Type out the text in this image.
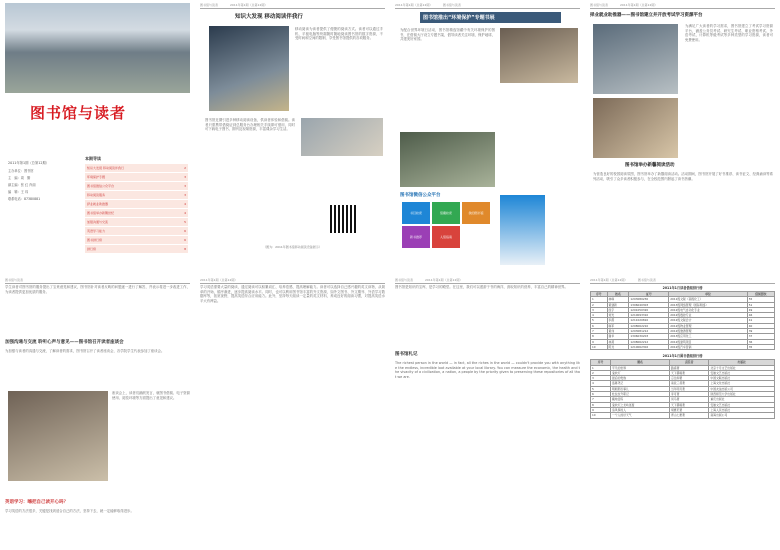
图书馆与读者
2011年第1期（总第12期）
主办单位：图书馆
主　编：周　勤
副主编：张 红 肖丽
编　辑：王 玮
联系电话：87380881
本期导读
知识大发现 移动阅读伴我行	2
环境保护专题	3
图书馆微信公众平台	3
移动阅读服务	3
择业就业助推器	4
图书馆举办新馨世纪	4
加强沟通与交流	5
英语学习能力	6
图书排行榜	6
排行榜	8
图书馆与读者　　　　2011年第1期（总第12期）
知识大发现 移动阅读伴我行
移动阅读为读者提供了便捷的阅读方式。读者可以通过手机、平板电脑等终端随时随地阅读图书馆的数字资源，不受时间和空间的限制，享受图书馆提供的各项服务。
图书馆近期引进多种移动阅读设备，供读者体验和借阅。读者只需携带借阅证到总服务台办理相关手续即可借用，同时可下载电子图书、期刊及视频资源，丰富课余学习生活。
（图为：2011年图书馆移动阅读设备展示）
2011年第1期（总第12期）　　　　图书馆与读者
图书馆推出“环境保护”专题书展
为配合世界环境日活动，图书馆精选馆藏中有关环境保护的图书，在借阅大厅设立专题书架，倡导读者关注环境、保护地球，共建美好家园。
图书馆微信公众平台
书目检索	馆藏检索	我的图书馆
新书推荐	入馆指南
图书馆与读者　　　　2011年第1期（总第12期）
择业就业助推器——图书馆建立并开放考试学习资源平台
为满足广大读者的学习需求，图书馆建立了考试学习资源平台，涵盖公务员考试、研究生考试、职业资格考试、外语考试、计算机等级考试等多种类型的学习资源，读者可免费使用。
图书馆举办新馨阅读活动
为营造良好的校园阅读氛围，图书馆举办了新馨阅读活动。活动期间，图书馆开展了好书推荐、读书征文、经典诵读等系列活动，吸引了众多读者积极参与，在全校范围内掀起了读书热潮。
图书馆与读者
学生读者对图书馆的服务提出了宝贵意见和建议，图书馆针对读者反映的问题逐一进行了解答，并表示将进一步改进工作，为读者提供更加优质的服务。
加强沟通与交流 聆听心声与意见——图书馆召开读者座谈会
为加强与读者的沟通与交流，了解读者的需求，图书馆召开了读者座谈会，各学院学生代表参加了座谈会。
座谈会上，读者们踊跃发言，就图书借阅、电子资源使用、阅览环境等方面提出了意见和建议。
英语学习：嗨把自己读开心吗？
学习英语的方法很多，关键是找到适合自己的方法，坚持下去，就一定能够取得进步。
2011年第1期（总第12期）
学习英语需要大量的阅读，通过阅读可以积累词汇、培养语感、提高理解能力。读者可以选择自己感兴趣的英文读物，从简单的开始，循序渐进，逐步提高阅读水平。同时，也可以利用图书馆丰富的外文资源，如外文图书、外文期刊、外语学习数据库等，拓宽视野，提高英语综合应用能力。此外，坚持每天阅读一定量的英文材料，养成良好的阅读习惯，对提高英语水平大有裨益。
图书馆与读者　　　　2011年第1期（总第12期）
图书馆是知识的宝库，是学习的殿堂。在这里，我们可以遨游于书的海洋，汲取知识的营养，丰富自己的精神世界。
图书馆札记
The richest person in the world — in fact, all the riches in the world — couldn't provide you with anything like the endless, incredible loot available at your local library. You can measure the economic, the health and the vivacity of a civilization, a nation, a people by the priority given to preserving these repositories of all that we are.
2011年第1期（总第12期）　　　　图书馆与读者
2011年1月读者借阅排行榜
序号	姓名	证号	单位	借阅册次
1	林峥	1203080230	2011级文秘（高级化工）	55
2	黄建新	1306040303	2013级网络管理（国际网络）	51
3	庞宇	1201050320	2012级电气自动化专业	49
4	刘光	1210093310	2012级数控专业	46
5	李霞	1211020810	2012级文秘会计	41
6	韩军	1208062210	2012级物业管理	40
7	黄伟	1203081212	2012级旅游管理	39
8	谢华	1306030203	2013级应用化工	37
9	林燕	1208062212	2012级建筑项目	36
10	陈龙	1210062302	2012级汽车营销	35
2011年1月图书借阅排行榜
序号	题名	责任者	出版社
1	平凡的世界	路遥著	北京十月文艺出版社
2	鬼吹灯	天下霸唱著	安徽文艺出版社
3	最后的贵族	章诒和著	中国文联出版社
4	盗墓笔记	南派三叔著	上海文化出版社
5	明朝那些事儿	当年明月著	中国友谊出版公司
6	杜拉拉升职记	李可著	陕西师范大学出版社
7	藏地密码	何马著	重庆出版社
8	鬼吹灯之龙岭迷窟	天下霸唱著	安徽文艺出版社
9	追风筝的人	胡赛尼著	上海人民出版社
10	一个人的好天气	青山七惠著	南海出版公司
